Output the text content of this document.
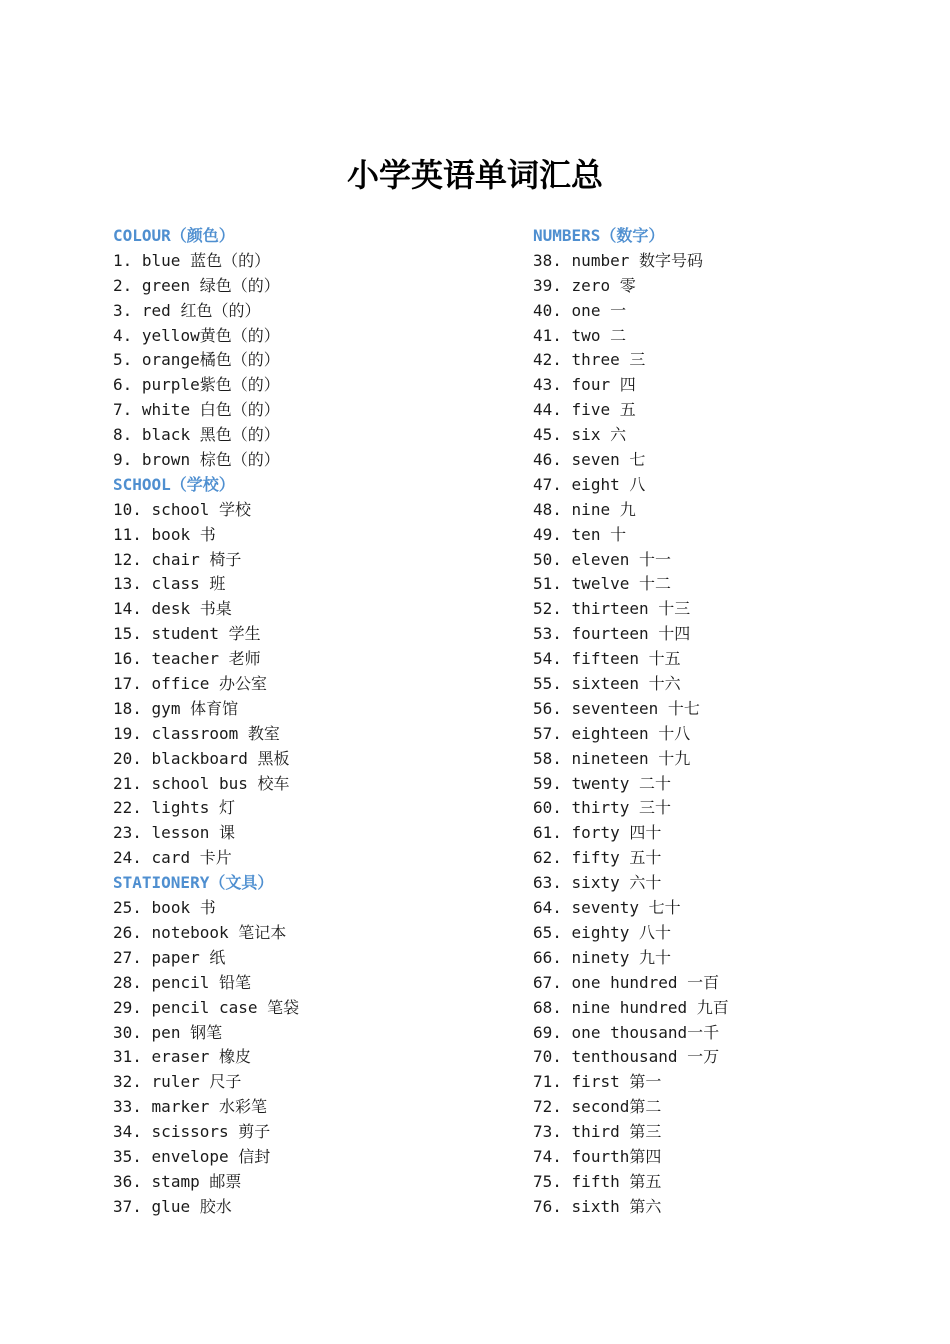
小学英语单词汇总
COLOUR（颜色）
1. blue 蓝色（的）
2. green 绿色（的）
3. red 红色（的）
4. yellow黄色（的）
5. orange橘色（的）
6. purple紫色（的）
7. white 白色（的）
8. black 黑色（的）
9. brown 棕色（的）
SCHOOL（学校）
10. school 学校
11. book 书
12. chair 椅子
13. class 班
14. desk 书桌
15. student 学生
16. teacher 老师
17. office 办公室
18. gym 体育馆
19. classroom 教室
20. blackboard 黑板
21. school bus 校车
22. lights 灯
23. lesson 课
24. card 卡片
STATIONERY（文具）
25. book 书
26. notebook 笔记本
27. paper 纸
28. pencil 铅笔
29. pencil case 笔袋
30. pen 钢笔
31. eraser 橡皮
32. ruler 尺子
33. marker 水彩笔
34. scissors 剪子
35. envelope 信封
36. stamp 邮票
37. glue 胶水
NUMBERS（数字）
38. number 数字号码
39. zero 零
40. one 一
41. two 二
42. three 三
43. four 四
44. five 五
45. six 六
46. seven 七
47. eight 八
48. nine 九
49. ten 十
50. eleven 十一
51. twelve 十二
52. thirteen 十三
53. fourteen 十四
54. fifteen 十五
55. sixteen 十六
56. seventeen 十七
57. eighteen 十八
58. nineteen 十九
59. twenty 二十
60. thirty 三十
61. forty 四十
62. fifty 五十
63. sixty 六十
64. seventy 七十
65. eighty 八十
66. ninety 九十
67. one hundred 一百
68. nine hundred 九百
69. one thousand一千
70. tenthousand 一万
71. first 第一
72. second第二
73. third 第三
74. fourth第四
75. fifth 第五
76. sixth 第六
